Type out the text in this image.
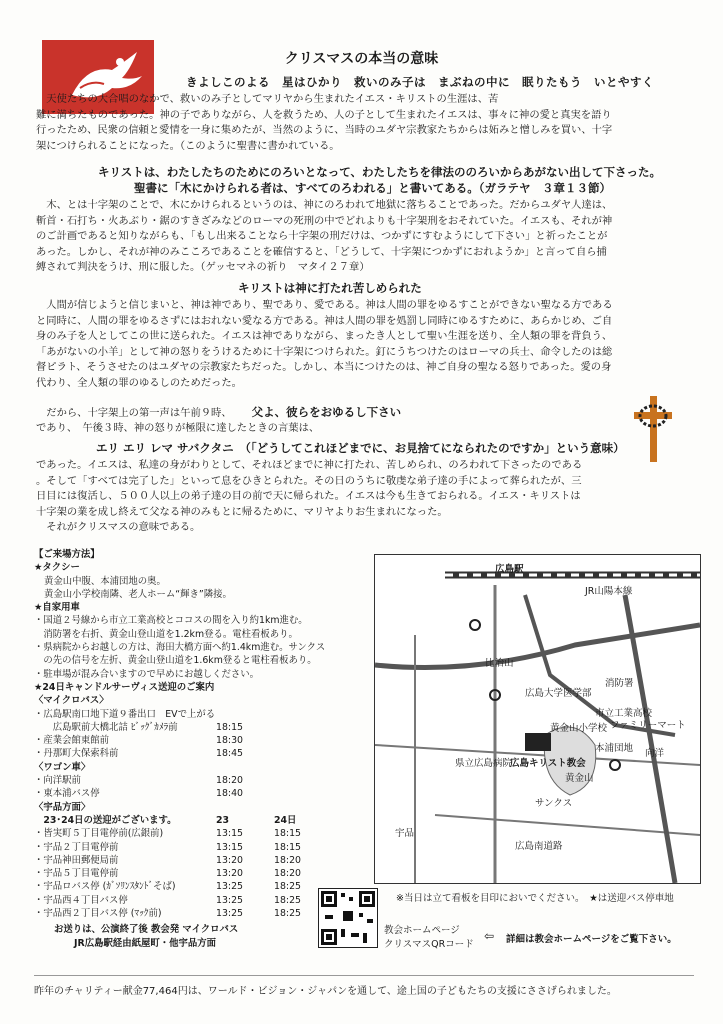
クリスマスの本当の意味
きよしこのよる　星はひかり　救いのみ子は　まぶねの中に　眠りたもう　いとやすく
　天使たちの大合唱のなかで、救いのみ子としてマリヤから生まれたイエス・キリストの生涯は、苦
難に満ちたものであった。神の子でありながら、人を救うため、人の子として生まれたイエスは、事々に神の愛と真実を語り
行ったため、民衆の信頼と愛情を一身に集めたが、当然のように、当時のユダヤ宗教家たちからは妬みと憎しみを買い、十字
架につけられることになった。（このように聖書に書かれている。
キリストは、わたしたちのためにのろいとなって、わたしたちを律法ののろいからあがない出して下さった。
聖書に「木にかけられる者は、すべてのろわれる」と書いてある。（ガラテヤ　３章１３節）
　木、とは十字架のことで、木にかけられるというのは、神にのろわれて地獄に落ちることであった。だからユダヤ人達は、
斬首・石打ち・火あぶり・鋸のすきざみなどのローマの死刑の中でどれよりも十字架刑をおそれていた。イエスも、それが神
のご計画であると知りながらも、「もし出来ることなら十字架の刑だけは、つかずにすむようにして下さい」と祈ったことが
あった。しかし、それが神のみこころであることを確信すると、「どうして、十字架につかずにおれようか」と言って自ら捕
縛されて判決をうけ、刑に服した。（ゲッセマネの祈り　マタイ２７章）
キリストは神に打たれ苦しめられた
　人間が信じようと信じまいと、神は神であり、聖であり、愛である。神は人間の罪をゆるすことができない聖なる方である
と同時に、人間の罪をゆるさずにはおれない愛なる方である。神は人間の罪を処罰し同時にゆるすために、あらかじめ、ご自
身のみ子を人としてこの世に送られた。イエスは神でありながら、まったき人として聖い生涯を送り、全人類の罪を背負う、
「あがないの小羊」として神の怒りをうけるために十字架につけられた。釘にうちつけたのはローマの兵士、命令したのは総
督ピラト、そうさせたのはユダヤの宗教家たちだった。しかし、本当につけたのは、神ご自身の聖なる怒りであった。愛の身
代わり、全人類の罪のゆるしのためだった。
　だから、十字架上の第一声は午前９時、 父よ、彼らをおゆるし下さい
であり、　午後３時、神の怒りが極限に達したときの言葉は、
エリ エリ レマ サバクタニ　（「どうしてこれほどまでに、お見捨てになられたのですか」という意味）
であった。イエスは、私達の身がわりとして、それほどまでに神に打たれ、苦しめられ、のろわれて下さったのである
。そして「すべては完了した」といって息をひきとられた。その日のうちに敬虔な弟子達の手によって葬られたが、三
日目には復活し、５００人以上の弟子達の目の前で天に帰られた。イエスは今も生きておられる。イエス・キリストは
十字架の業を成し終えて父なる神のみもとに帰るために、マリヤよりお生まれになった。
　それがクリスマスの意味である。
【ご来場方法】
★タクシー
黄金山中腹、本浦団地の奥。
黄金山小学校南隣、老人ホーム“輝き”隣接。
★自家用車
・国道２号線から市立工業高校とココスの間を入り約1km進む。
　消防署を右折、黄金山登山道を1.2km登る。電柱看板あり。
・県病院からお越しの方は、海田大橋方面へ約1.4km進む。サンクス
　の先の信号を左折、黄金山登山道を1.6km登ると電柱看板あり。
・駐車場が混み合いますので早めにお越しください。
★24日キャンドルサーヴィス送迎のご案内
〈マイクロバス〉
・広島駅南口地下道９番出口　EVで上がる
　　広島駅前大橋北詰 ﾋﾞｯｸﾞｶﾒﾗ前	18:15
・産業会館東館前	18:30
・丹那町大保索科前	18:45
〈ワゴン車〉
・向洋駅前	18:20
・東本浦バス停	18:40
〈宇品方面〉
　23･24日の送迎がございます。	23	24日
・皆実町５丁目電停前(広銀前)	13:15	18:15
・宇品２丁目電停前	13:15	18:15
・宇品神田郵便局前	13:20	18:20
・宇品５丁目電停前	13:20	18:20
・宇品ロバス停 (ｶﾞｿﾘﾝｽﾀﾝﾄﾞそば)	13:25	18:25
・宇品西４丁目バス停	13:25	18:25
・宇品西２丁目バス停 (ﾏｯｸ前)	13:25	18:25
お送りは、公演終了後 教会発 マイクロバス
JR広島駅経由紙屋町・他宇品方面
広島駅
JR山陽本線
広島キリスト教会
比治山
広島大学医学部
市立工業高校
黄金山
本浦団地
宇品
広島南道路
県立広島病院
ファミリーマート
消防署
サンクス
向洋
黄金山小学校
※当日は立て看板を目印においでください。　★は送迎バス停車地
教会ホームページ
クリスマスQRコード
⇦ 詳細は教会ホームページをご覧下さい。
昨年のチャリティー献金77,464円は、ワールド・ビジョン・ジャパンを通して、途上国の子どもたちの支援にささげられました。
